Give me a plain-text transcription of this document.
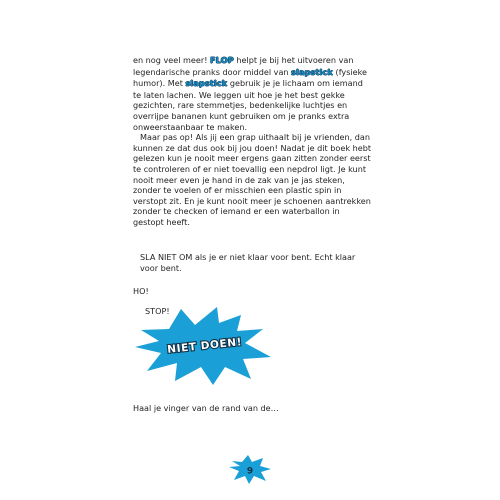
en nog veel meer! FLOP helpt je bij het uitvoeren van legendarische pranks door middel van slapstick (fysieke humor). Met slapstick gebruik je je lichaam om iemand te laten lachen. We leggen uit hoe je het best gekke gezichten, rare stemmetjes, bedenkelijke luchtjes en overrijpe bananen kunt gebruiken om je pranks extra onweerstaanbaar te maken.

Maar pas op! Als jij een grap uithaalt bij je vrienden, dan kunnen ze dat dus ook bij jou doen! Nadat je dit boek hebt gelezen kun je nooit meer ergens gaan zitten zonder eerst te controleren of er niet toevallig een nepdrol ligt. Je kunt nooit meer even je hand in de zak van je jas steken, zonder te voelen of er misschien een plastic spin in verstopt zit. En je kunt nooit meer je schoenen aantrekken zonder te checken of iemand er een waterballon in gestopt heeft.

SLA NIET OM als je er niet klaar voor bent. Echt klaar voor bent.
HO!
STOP!
NIET DOEN!
Haal je vinger van de rand van de…
9
